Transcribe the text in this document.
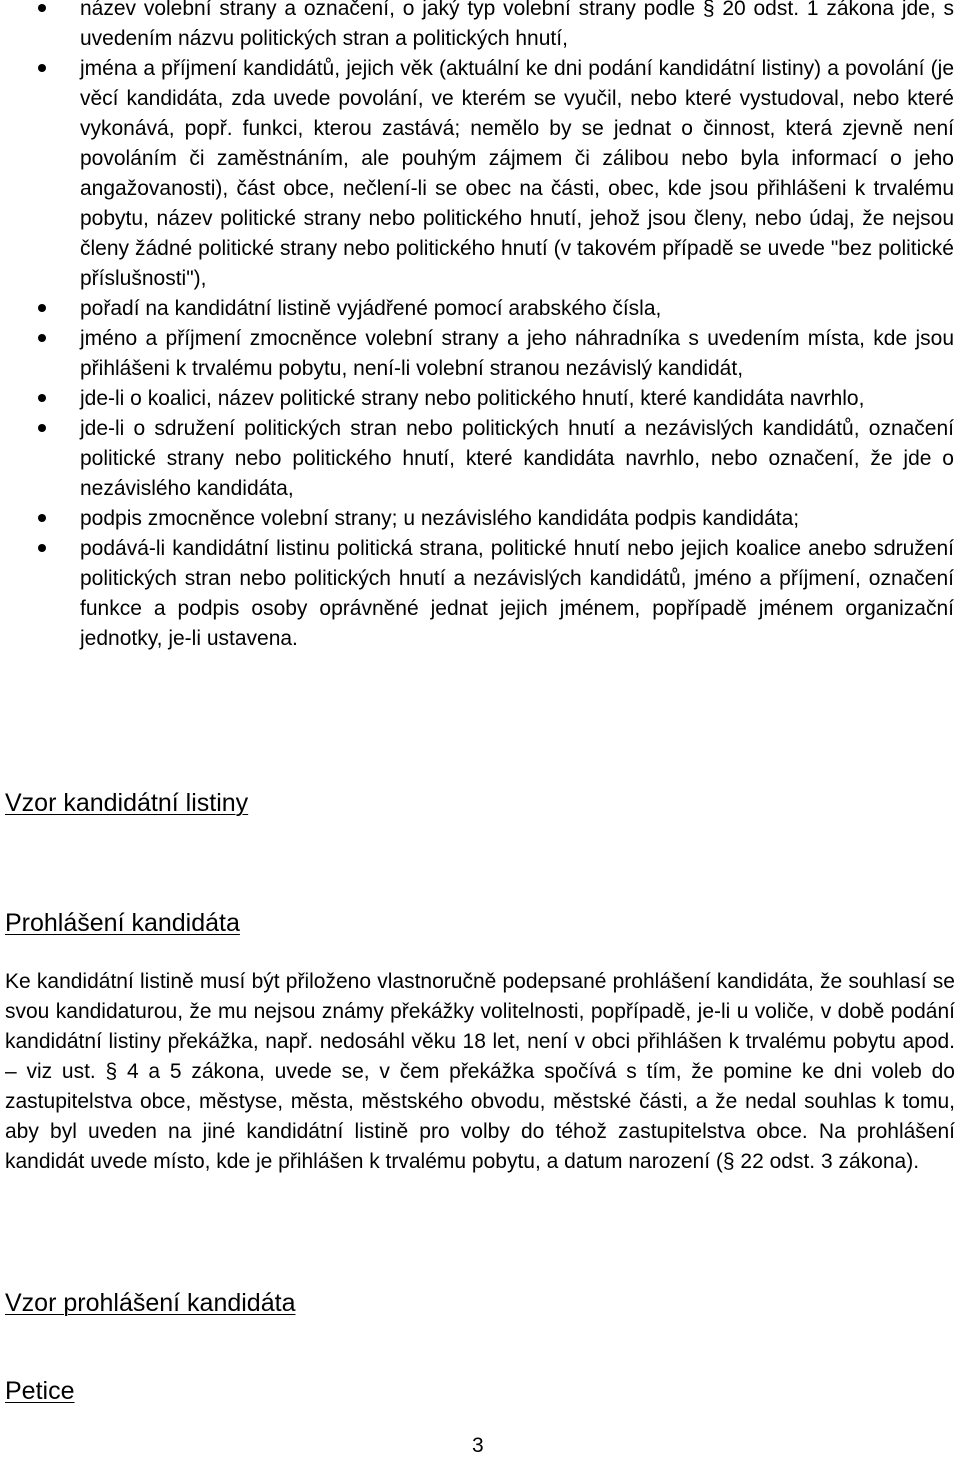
název volební strany a označení, o jaký typ volební strany podle § 20 odst. 1 zákona jde, s uvedením názvu politických stran a politických hnutí,
jména a příjmení kandidátů, jejich věk (aktuální ke dni podání kandidátní listiny) a povolání (je věcí kandidáta, zda uvede povolání, ve kterém se vyučil, nebo které vystudoval, nebo které vykonává, popř. funkci, kterou zastává; nemělo by se jednat o činnost, která zjevně není povoláním či zaměstnáním, ale pouhým zájmem či zálibou nebo byla informací o jeho angažovanosti), část obce, nečlení-li se obec na části, obec, kde jsou přihlášeni k trvalému pobytu, název politické strany nebo politického hnutí, jehož jsou členy, nebo údaj, že nejsou členy žádné politické strany nebo politického hnutí (v takovém případě se uvede "bez politické příslušnosti"),
pořadí na kandidátní listině vyjádřené pomocí arabského čísla,
jméno a příjmení zmocněnce volební strany a jeho náhradníka s uvedením místa, kde jsou přihlášeni k trvalému pobytu, není-li volební stranou nezávislý kandidát,
jde-li o koalici, název politické strany nebo politického hnutí, které kandidáta navrhlo,
jde-li o sdružení politických stran nebo politických hnutí a nezávislých kandidátů, označení politické strany nebo politického hnutí, které kandidáta navrhlo, nebo označení, že jde o nezávislého kandidáta,
podpis zmocněnce volební strany; u nezávislého kandidáta podpis kandidáta;
podává-li kandidátní listinu politická strana, politické hnutí nebo jejich koalice anebo sdružení politických stran nebo politických hnutí a nezávislých kandidátů, jméno a příjmení, označení funkce a podpis osoby oprávněné jednat jejich jménem, popřípadě jménem organizační jednotky, je-li ustavena.
Vzor kandidátní listiny
Prohlášení kandidáta
Ke kandidátní listině musí být přiloženo vlastnoručně podepsané prohlášení kandidáta, že souhlasí se svou kandidaturou, že mu nejsou známy překážky volitelnosti, popřípadě, je-li u voliče, v době podání kandidátní listiny překážka, např. nedosáhl věku 18 let, není v obci přihlášen k trvalému pobytu apod. – viz ust. § 4 a 5 zákona, uvede se, v čem překážka spočívá s tím, že pomine ke dni voleb do zastupitelstva obce, městyse, města, městského obvodu, městské části, a že nedal souhlas k tomu, aby byl uveden na jiné kandidátní listině pro volby do téhož zastupitelstva obce. Na prohlášení kandidát uvede místo, kde je přihlášen k trvalému pobytu, a datum narození (§ 22 odst. 3 zákona).
Vzor prohlášení kandidáta
Petice
3
